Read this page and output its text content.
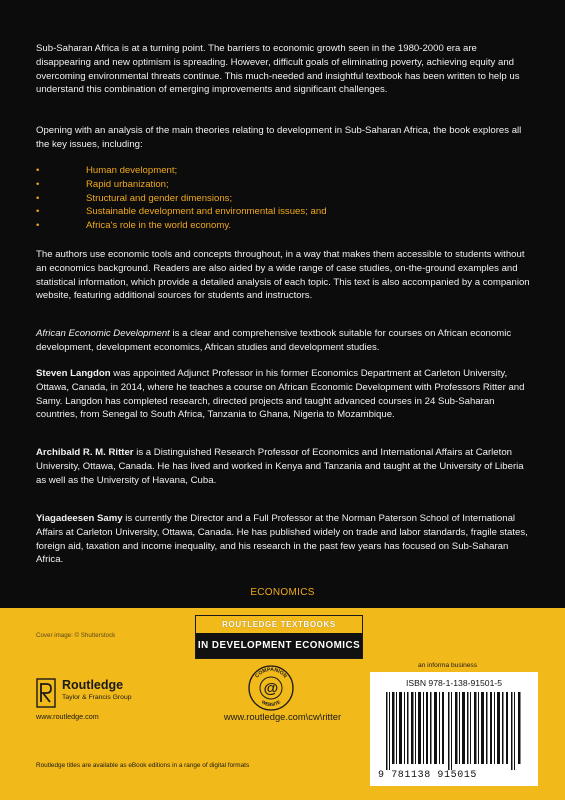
Sub-Saharan Africa is at a turning point. The barriers to economic growth seen in the 1980-2000 era are disappearing and new optimism is spreading. However, difficult goals of eliminating poverty, achieving equity and overcoming environmental threats continue. This much-needed and insightful textbook has been written to help us understand this combination of emerging improvements and significant challenges.

Opening with an analysis of the main theories relating to development in Sub-Saharan Africa, the book explores all the key issues, including:

•	Human development;
•	Rapid urbanization;
•	Structural and gender dimensions;
•	Sustainable development and environmental issues; and
•	Africa's role in the world economy.

The authors use economic tools and concepts throughout, in a way that makes them accessible to students without an economics background. Readers are also aided by a wide range of case studies, on-the-ground examples and statistical information, which provide a detailed analysis of each topic. This text is also accompanied by a companion website, featuring additional sources for students and instructors.

African Economic Development is a clear and comprehensive textbook suitable for courses on African economic development, development economics, African studies and development studies.

Steven Langdon was appointed Adjunct Professor in his former Economics Department at Carleton University, Ottawa, Canada, in 2014, where he teaches a course on African Economic Development with Professors Ritter and Samy. Langdon has completed research, directed projects and taught advanced courses in 24 Sub-Saharan countries, from Senegal to South Africa, Tanzania to Ghana, Nigeria to Mozambique.

Archibald R. M. Ritter is a Distinguished Research Professor of Economics and International Affairs at Carleton University, Ottawa, Canada. He has lived and worked in Kenya and Tanzania and taught at the University of Liberia as well as the University of Havana, Cuba.

Yiagadeesen Samy is currently the Director and a Full Professor at the Norman Paterson School of International Affairs at Carleton University, Ottawa, Canada. He has published widely on trade and labor standards, fragile states, foreign aid, taxation and income inequality, and his research in the past few years has focused on Sub-Saharan Africa.

ECONOMICS
Cover image: © Shutterstock
ROUTLEDGE TEXTBOOKS
IN DEVELOPMENT ECONOMICS
an informa business
ISBN 978-1-138-91501-5
9 781138 915015
Routledge
Taylor & Francis Group
www.routledge.com
@
COMPANION
WEBSITE
www.routledge.com\cw\ritter
Routledge titles are available as eBook editions in a range of digital formats
